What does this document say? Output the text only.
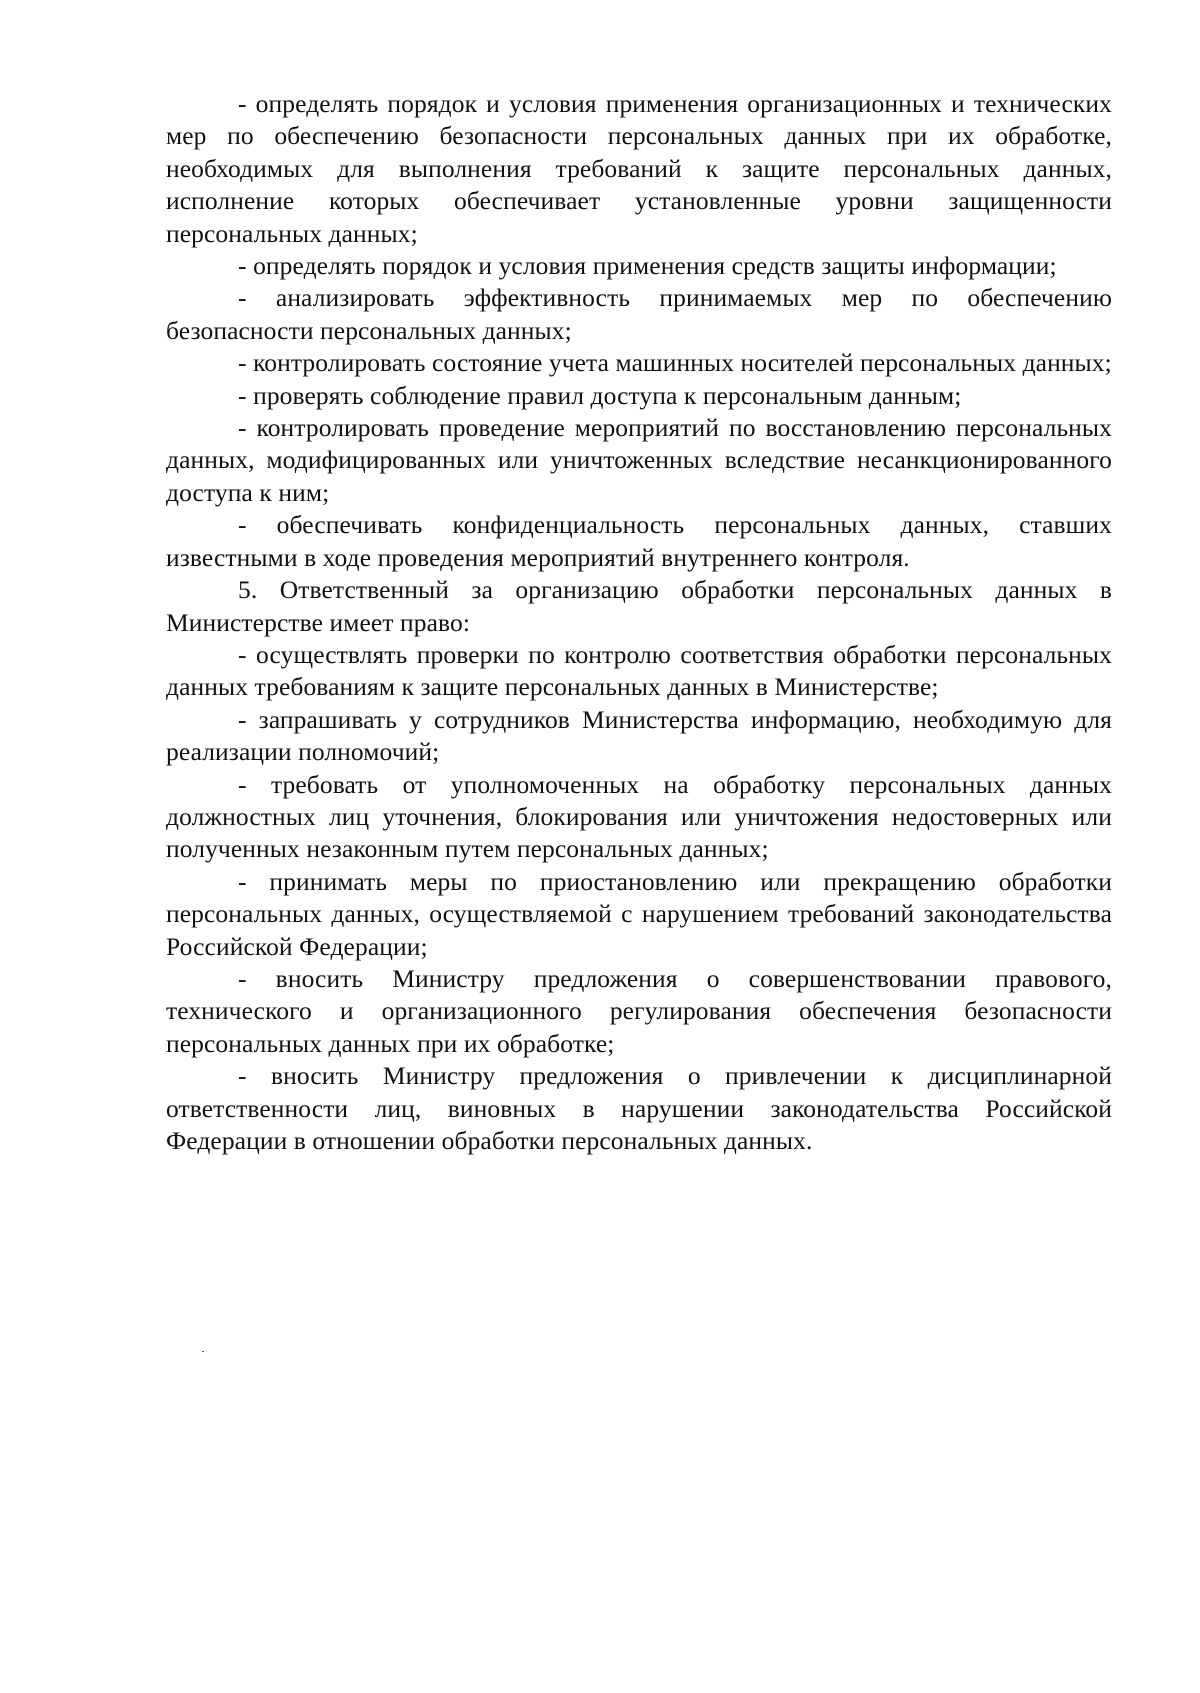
- определять порядок и условия применения организационных и технических мер по обеспечению безопасности персональных данных при их обработке, необходимых для выполнения требований к защите персональных данных, исполнение которых обеспечивает установленные уровни защищенности персональных данных;

- определять порядок и условия применения средств защиты информации;

- анализировать эффективность принимаемых мер по обеспечению безопасности персональных данных;

- контролировать состояние учета машинных носителей персональных данных;

- проверять соблюдение правил доступа к персональным данным;

- контролировать проведение мероприятий по восстановлению персональных данных, модифицированных или уничтоженных вследствие несанкционированного доступа к ним;

- обеспечивать конфиденциальность персональных данных, ставших известными в ходе проведения мероприятий внутреннего контроля.

5. Ответственный за организацию обработки персональных данных в Министерстве имеет право:

- осуществлять проверки по контролю соответствия обработки персональных данных требованиям к защите персональных данных в Министерстве;

- запрашивать у сотрудников Министерства информацию, необходимую для реализации полномочий;

- требовать от уполномоченных на обработку персональных данных должностных лиц уточнения, блокирования или уничтожения недостоверных или полученных незаконным путем персональных данных;

- принимать меры по приостановлению или прекращению обработки персональных данных, осуществляемой с нарушением требований законодательства Российской Федерации;

- вносить Министру предложения о совершенствовании правового, технического и организационного регулирования обеспечения безопасности персональных данных при их обработке;

- вносить Министру предложения о привлечении к дисциплинарной ответственности лиц, виновных в нарушении законодательства Российской Федерации в отношении обработки персональных данных.
